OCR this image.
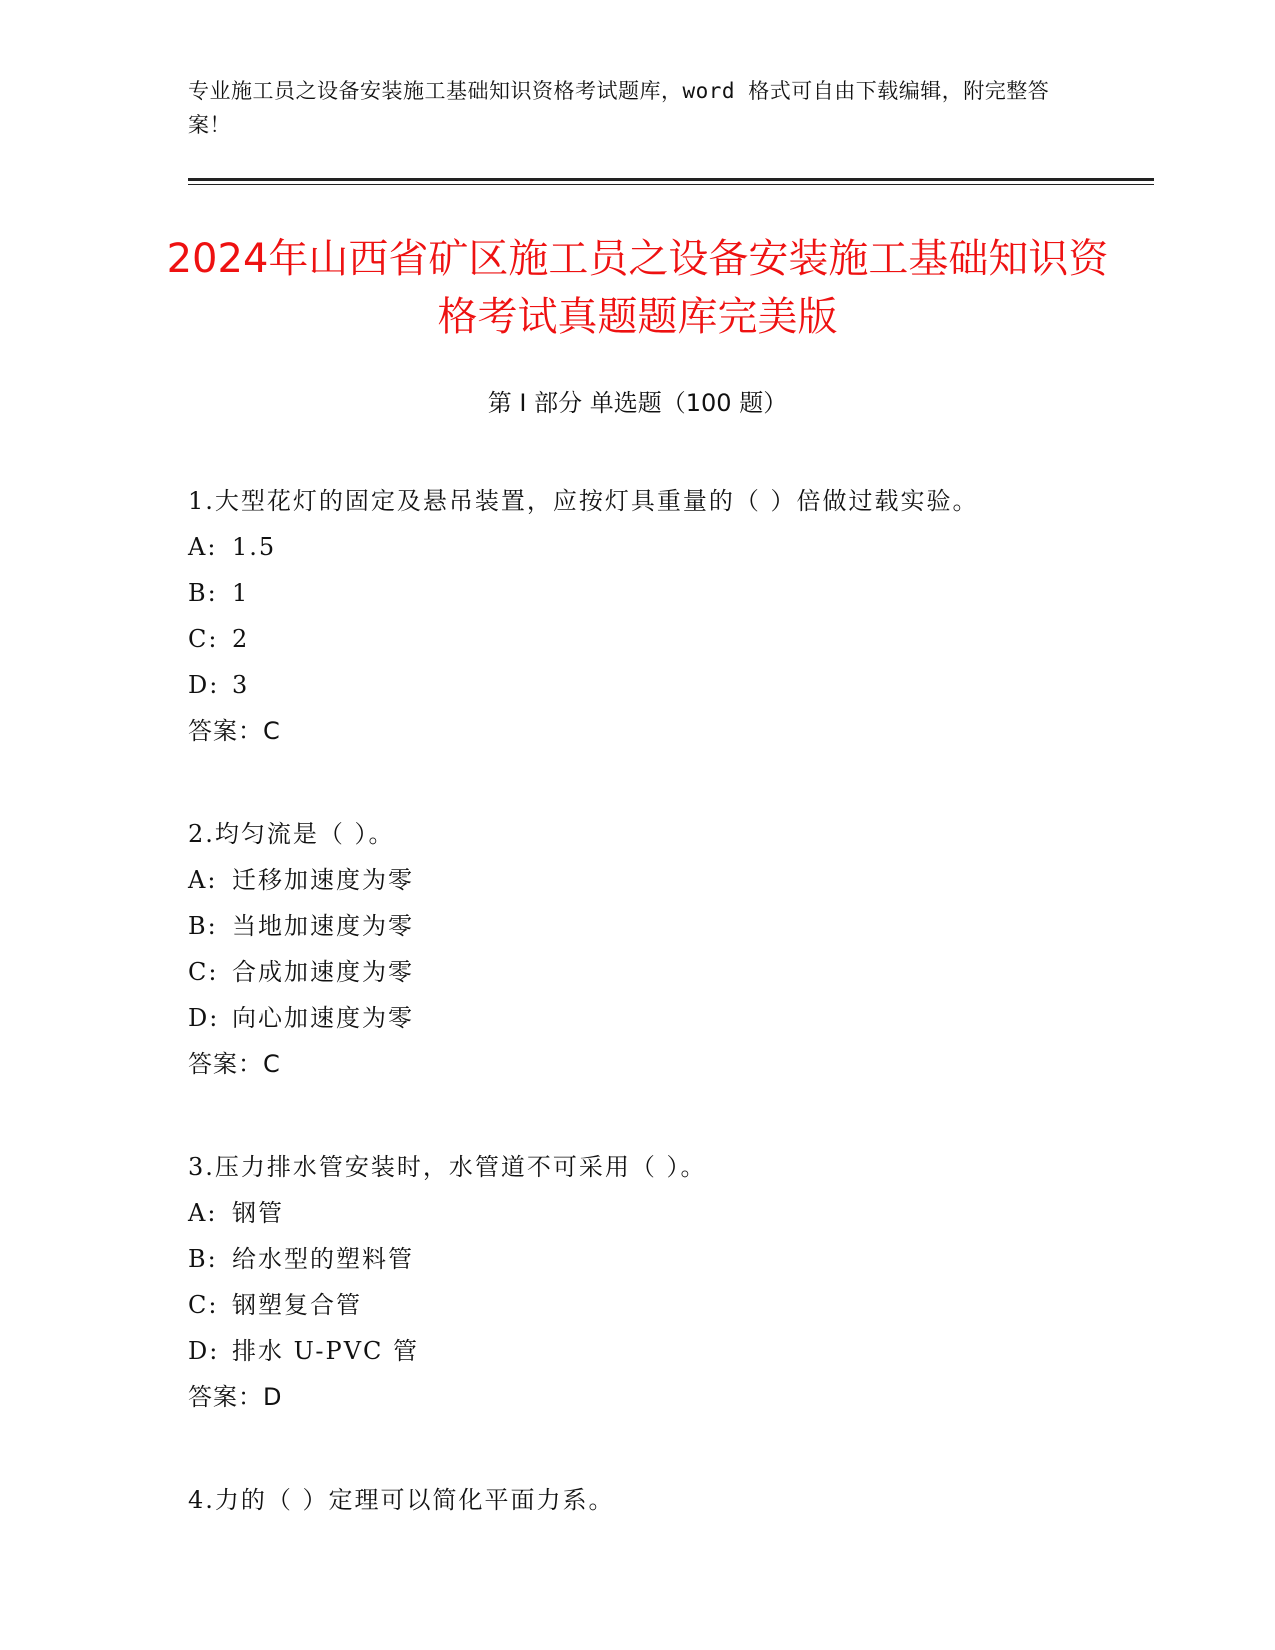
专业施工员之设备安装施工基础知识资格考试题库，word 格式可自由下载编辑，附完整答案！
2024年山西省矿区施工员之设备安装施工基础知识资格考试真题题库完美版
第 I 部分 单选题（100 题）
1.大型花灯的固定及悬吊装置，应按灯具重量的（ ）倍做过载实验。
A: 1.5
B: 1
C: 2
D: 3
答案：C
2.均匀流是（ ）。
A: 迁移加速度为零
B: 当地加速度为零
C: 合成加速度为零
D: 向心加速度为零
答案：C
3.压力排水管安装时，水管道不可采用（ ）。
A: 钢管
B: 给水型的塑料管
C: 钢塑复合管
D: 排水 U-PVC 管
答案：D
4.力的（ ）定理可以简化平面力系。
